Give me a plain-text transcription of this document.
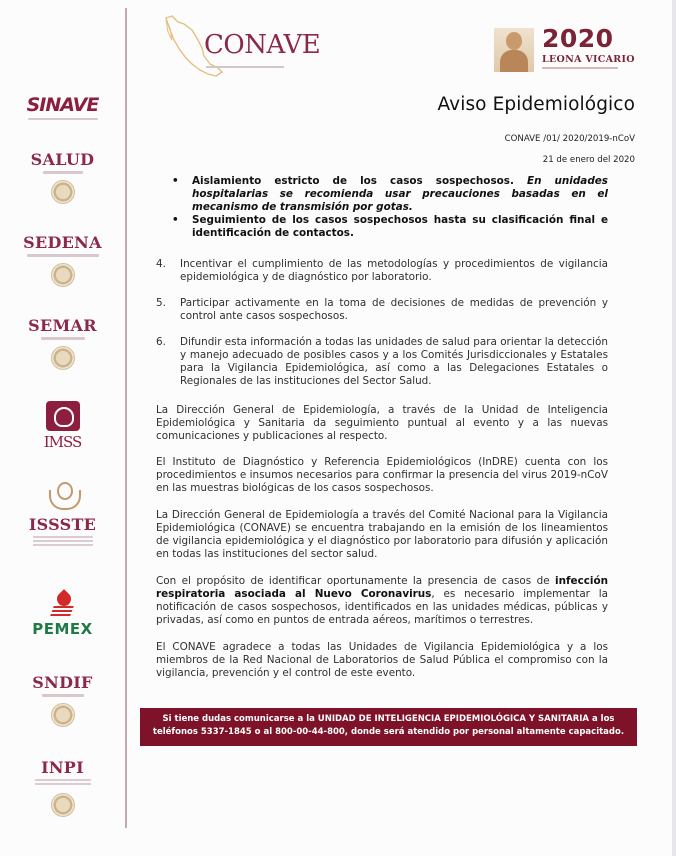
SINAVE
SALUD
SEDENA
SEMAR
IMSS
ISSSTE
PEMEX
SNDIF
INPI
CONAVE	2020
LEONA VICARIO
Aviso Epidemiológico
CONAVE /01/ 2020/2019-nCoV
21 de enero del 2020
• Aislamiento estricto de los casos sospechosos. En unidades hospitalarias se recomienda usar precauciones basadas en el mecanismo de transmisión por gotas.
• Seguimiento de los casos sospechosos hasta su clasificación final e identificación de contactos.
4. Incentivar el cumplimiento de las metodologías y procedimientos de vigilancia epidemiológica y de diagnóstico por laboratorio.
5. Participar activamente en la toma de decisiones de medidas de prevención y control ante casos sospechosos.
6. Difundir esta información a todas las unidades de salud para orientar la detección y manejo adecuado de posibles casos y a los Comités Jurisdiccionales y Estatales para la Vigilancia Epidemiológica, así como a las Delegaciones Estatales o Regionales de las instituciones del Sector Salud.
La Dirección General de Epidemiología, a través de la Unidad de Inteligencia Epidemiológica y Sanitaria da seguimiento puntual al evento y a las nuevas comunicaciones y publicaciones al respecto.
El Instituto de Diagnóstico y Referencia Epidemiológicos (InDRE) cuenta con los procedimientos e insumos necesarios para confirmar la presencia del virus 2019-nCoV en las muestras biológicas de los casos sospechosos.
La Dirección General de Epidemiología a través del Comité Nacional para la Vigilancia Epidemiológica (CONAVE) se encuentra trabajando en la emisión de los lineamientos de vigilancia epidemiológica y el diagnóstico por laboratorio para difusión y aplicación en todas las instituciones del sector salud.
Con el propósito de identificar oportunamente la presencia de casos de infección respiratoria asociada al Nuevo Coronavirus, es necesario implementar la notificación de casos sospechosos, identificados en las unidades médicas, públicas y privadas, así como en puntos de entrada aéreos, marítimos o terrestres.
El CONAVE agradece a todas las Unidades de Vigilancia Epidemiológica y a los miembros de la Red Nacional de Laboratorios de Salud Pública el compromiso con la vigilancia, prevención y el control de este evento.
Si tiene dudas comunicarse a la UNIDAD DE INTELIGENCIA EPIDEMIOLÓGICA Y SANITARIA a los
teléfonos 5337-1845 o al 800-00-44-800, donde será atendido por personal altamente capacitado.
